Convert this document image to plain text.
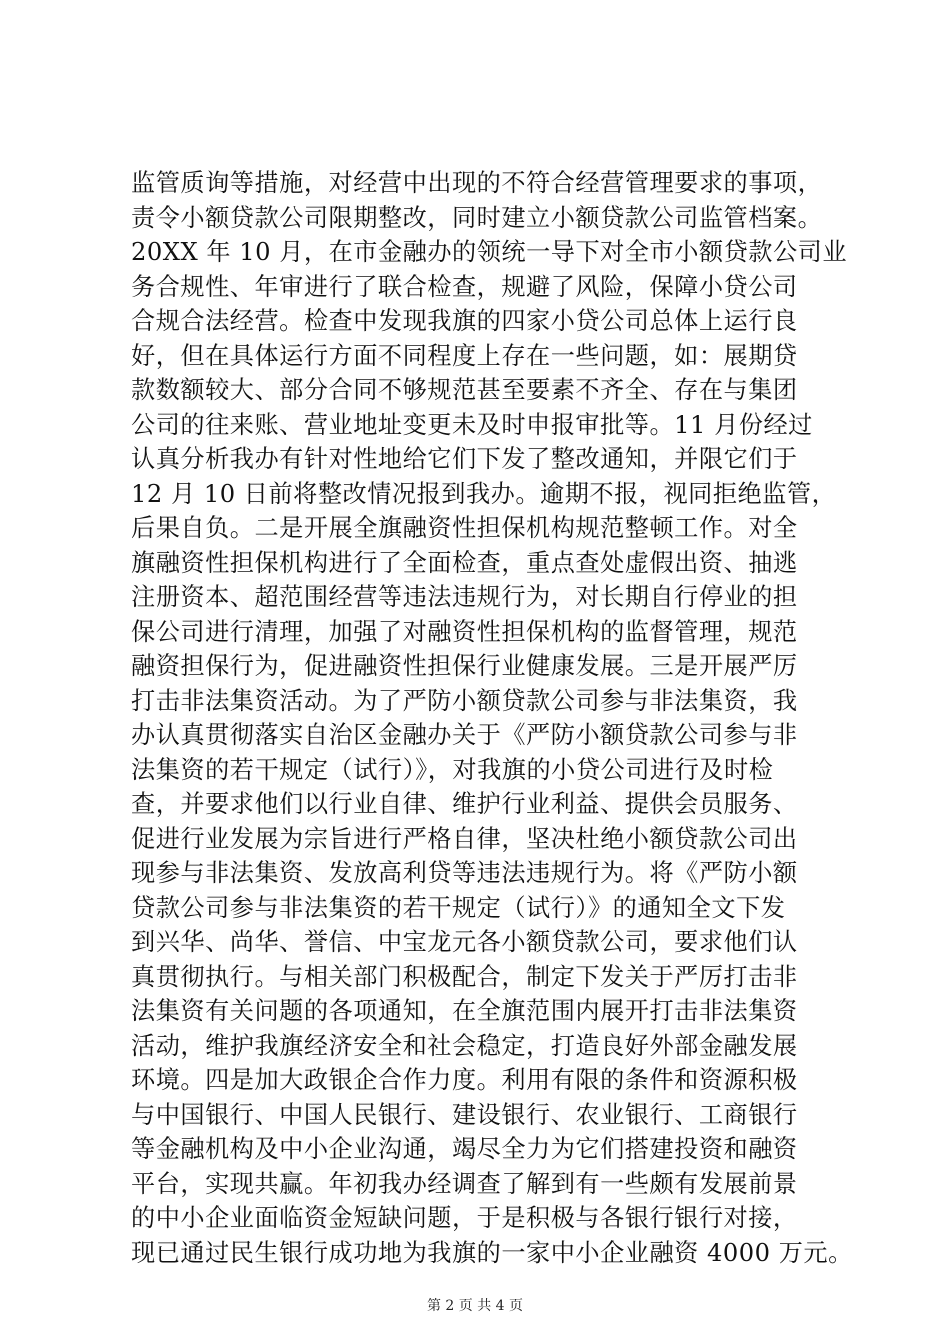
监管质询等措施，对经营中出现的不符合经营管理要求的事项，
责令小额贷款公司限期整改，同时建立小额贷款公司监管档案。
20XX 年 10 月，在市金融办的领统一导下对全市小额贷款公司业
务合规性、年审进行了联合检查，规避了风险，保障小贷公司
合规合法经营。检查中发现我旗的四家小贷公司总体上运行良
好，但在具体运行方面不同程度上存在一些问题，如：展期贷
款数额较大、部分合同不够规范甚至要素不齐全、存在与集团
公司的往来账、营业地址变更未及时申报审批等。11 月份经过
认真分析我办有针对性地给它们下发了整改通知，并限它们于
12 月 10 日前将整改情况报到我办。逾期不报，视同拒绝监管，
后果自负。二是开展全旗融资性担保机构规范整顿工作。对全
旗融资性担保机构进行了全面检查，重点查处虚假出资、抽逃
注册资本、超范围经营等违法违规行为，对长期自行停业的担
保公司进行清理，加强了对融资性担保机构的监督管理，规范
融资担保行为，促进融资性担保行业健康发展。三是开展严厉
打击非法集资活动。为了严防小额贷款公司参与非法集资，我
办认真贯彻落实自治区金融办关于《严防小额贷款公司参与非
法集资的若干规定（试行）》，对我旗的小贷公司进行及时检
查，并要求他们以行业自律、维护行业利益、提供会员服务、
促进行业发展为宗旨进行严格自律，坚决杜绝小额贷款公司出
现参与非法集资、发放高利贷等违法违规行为。将《严防小额
贷款公司参与非法集资的若干规定（试行）》的通知全文下发
到兴华、尚华、誉信、中宝龙元各小额贷款公司，要求他们认
真贯彻执行。与相关部门积极配合，制定下发关于严厉打击非
法集资有关问题的各项通知，在全旗范围内展开打击非法集资
活动，维护我旗经济安全和社会稳定，打造良好外部金融发展
环境。四是加大政银企合作力度。利用有限的条件和资源积极
与中国银行、中国人民银行、建设银行、农业银行、工商银行
等金融机构及中小企业沟通，竭尽全力为它们搭建投资和融资
平台，实现共赢。年初我办经调查了解到有一些颇有发展前景
的中小企业面临资金短缺问题，于是积极与各银行银行对接，
现已通过民生银行成功地为我旗的一家中小企业融资 4000 万元。
第 2 页 共 4 页
